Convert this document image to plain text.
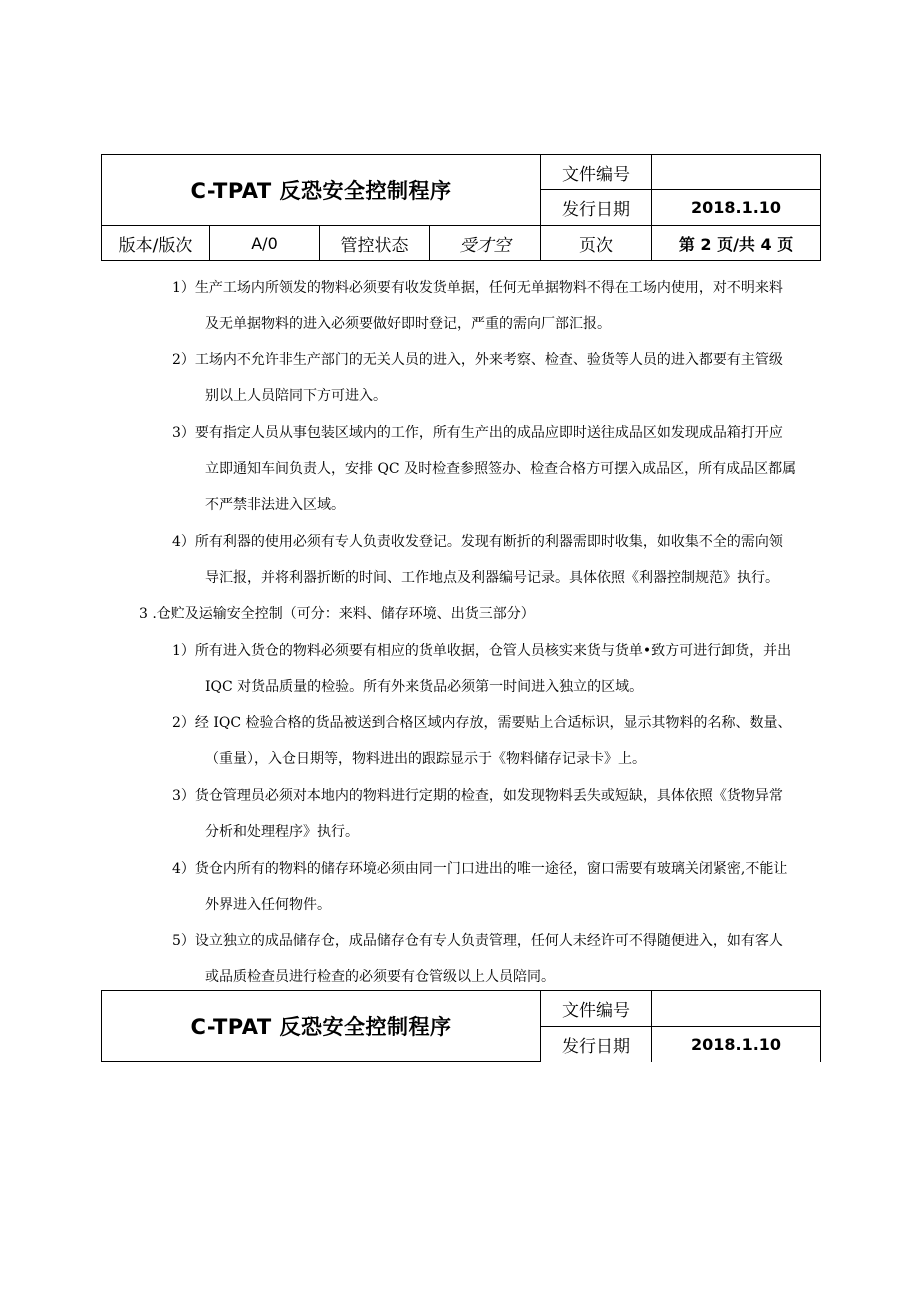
C-TPAT 反恐安全控制程序				文件编号	
				发行日期	2018.1.10
版本/版次	A/0	管控状态	受才空	页次	第 2 页/共 4 页
1）生产工场内所领发的物料必须要有收发货单据，任何无单据物料不得在工场内使用，对不明来料
及无单据物料的进入必须要做好即时登记，严重的需向厂部汇报。
2）工场内不允许非生产部门的无关人员的进入，外来考察、检查、验货等人员的进入都要有主管级
别以上人员陪同下方可进入。
3）要有指定人员从事包装区域内的工作，所有生产出的成品应即时送往成品区如发现成品箱打开应
立即通知车间负责人，安排 QC 及时检查参照签办、检查合格方可摆入成品区，所有成品区都属
不严禁非法进入区域。
4）所有利器的使用必须有专人负责收发登记。发现有断折的利器需即时收集，如收集不全的需向领
导汇报，并将利器折断的时间、工作地点及利器编号记录。具体依照《利器控制规范》执行。
3 .仓贮及运输安全控制（可分：来料、储存环境、出货三部分）
1）所有进入货仓的物料必须要有相应的货单收据，仓管人员核实来货与货单•致方可进行卸货，并出
IQC 对货品质量的检验。所有外来货品必须第一时间进入独立的区域。
2）经 IQC 检验合格的货品被送到合格区域内存放，需要贴上合适标识，显示其物料的名称、数量、
（重量），入仓日期等，物料进出的跟踪显示于《物料储存记录卡》上。
3）货仓管理员必须对本地内的物料进行定期的检查，如发现物料丢失或短缺，具体依照《货物异常
分析和处理程序》执行。
4）货仓内所有的物料的储存环境必须由同一门口进出的唯一途径，窗口需要有玻璃关闭紧密,不能让
外界进入任何物件。
5）设立独立的成品储存仓，成品储存仓有专人负责管理，任何人未经许可不得随便进入，如有客人
或品质检查员进行检查的必须要有仓管级以上人员陪同。
C-TPAT 反恐安全控制程序	文件编号	
	发行日期	2018.1.10
